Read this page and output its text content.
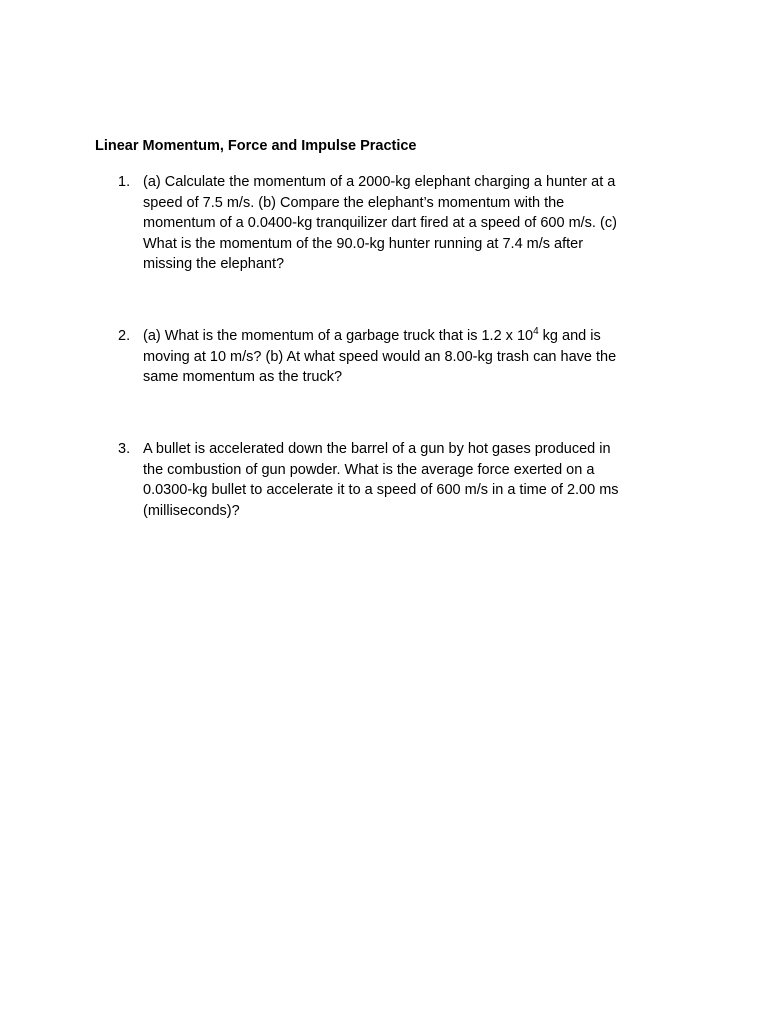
Linear Momentum, Force and Impulse Practice
1. (a) Calculate the momentum of a 2000-kg elephant charging a hunter at a
speed of 7.5 m/s. (b) Compare the elephant’s momentum with the
momentum of a 0.0400-kg tranquilizer dart fired at a speed of 600 m/s. (c)
What is the momentum of the 90.0-kg hunter running at 7.4 m/s after
missing the elephant?
2. (a) What is the momentum of a garbage truck that is 1.2 x $10^4$ kg and is
moving at 10 m/s? (b) At what speed would an 8.00-kg trash can have the
same momentum as the truck?
3. A bullet is accelerated down the barrel of a gun by hot gases produced in
the combustion of gun powder. What is the average force exerted on a
0.0300-kg bullet to accelerate it to a speed of 600 m/s in a time of 2.00 ms
(milliseconds)?
